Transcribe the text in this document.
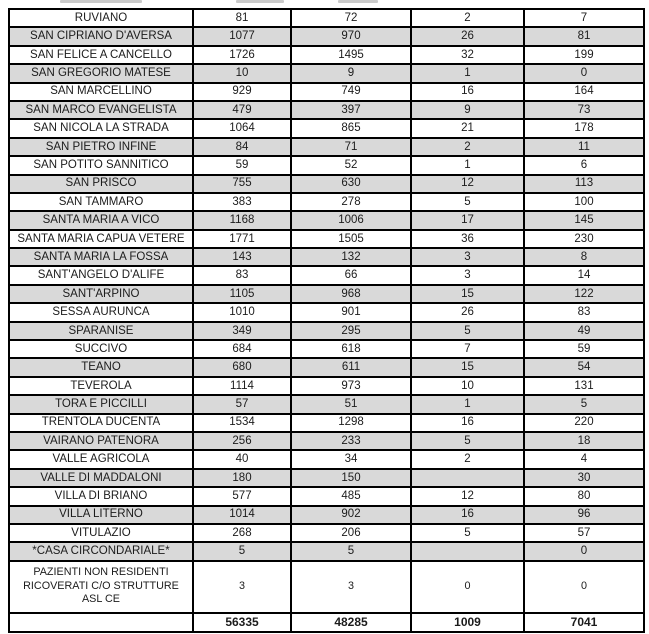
RUVIANO	81	72	2	7
SAN CIPRIANO D'AVERSA	1077	970	26	81
SAN FELICE A CANCELLO	1726	1495	32	199
SAN GREGORIO MATESE	10	9	1	0
SAN MARCELLINO	929	749	16	164
SAN MARCO EVANGELISTA	479	397	9	73
SAN NICOLA LA STRADA	1064	865	21	178
SAN PIETRO INFINE	84	71	2	11
SAN POTITO SANNITICO	59	52	1	6
SAN PRISCO	755	630	12	113
SAN TAMMARO	383	278	5	100
SANTA MARIA A VICO	1168	1006	17	145
SANTA MARIA CAPUA VETERE	1771	1505	36	230
SANTA MARIA LA FOSSA	143	132	3	8
SANT'ANGELO D'ALIFE	83	66	3	14
SANT'ARPINO	1105	968	15	122
SESSA AURUNCA	1010	901	26	83
SPARANISE	349	295	5	49
SUCCIVO	684	618	7	59
TEANO	680	611	15	54
TEVEROLA	1114	973	10	131
TORA E PICCILLI	57	51	1	5
TRENTOLA DUCENTA	1534	1298	16	220
VAIRANO PATENORA	256	233	5	18
VALLE AGRICOLA	40	34	2	4
VALLE DI MADDALONI	180	150		30
VILLA DI BRIANO	577	485	12	80
VILLA LITERNO	1014	902	16	96
VITULAZIO	268	206	5	57
*CASA CIRCONDARIALE*	5	5		0
PAZIENTI NON RESIDENTI RICOVERATI C/O STRUTTURE ASL CE	3	3	0	0
	56335	48285	1009	7041
